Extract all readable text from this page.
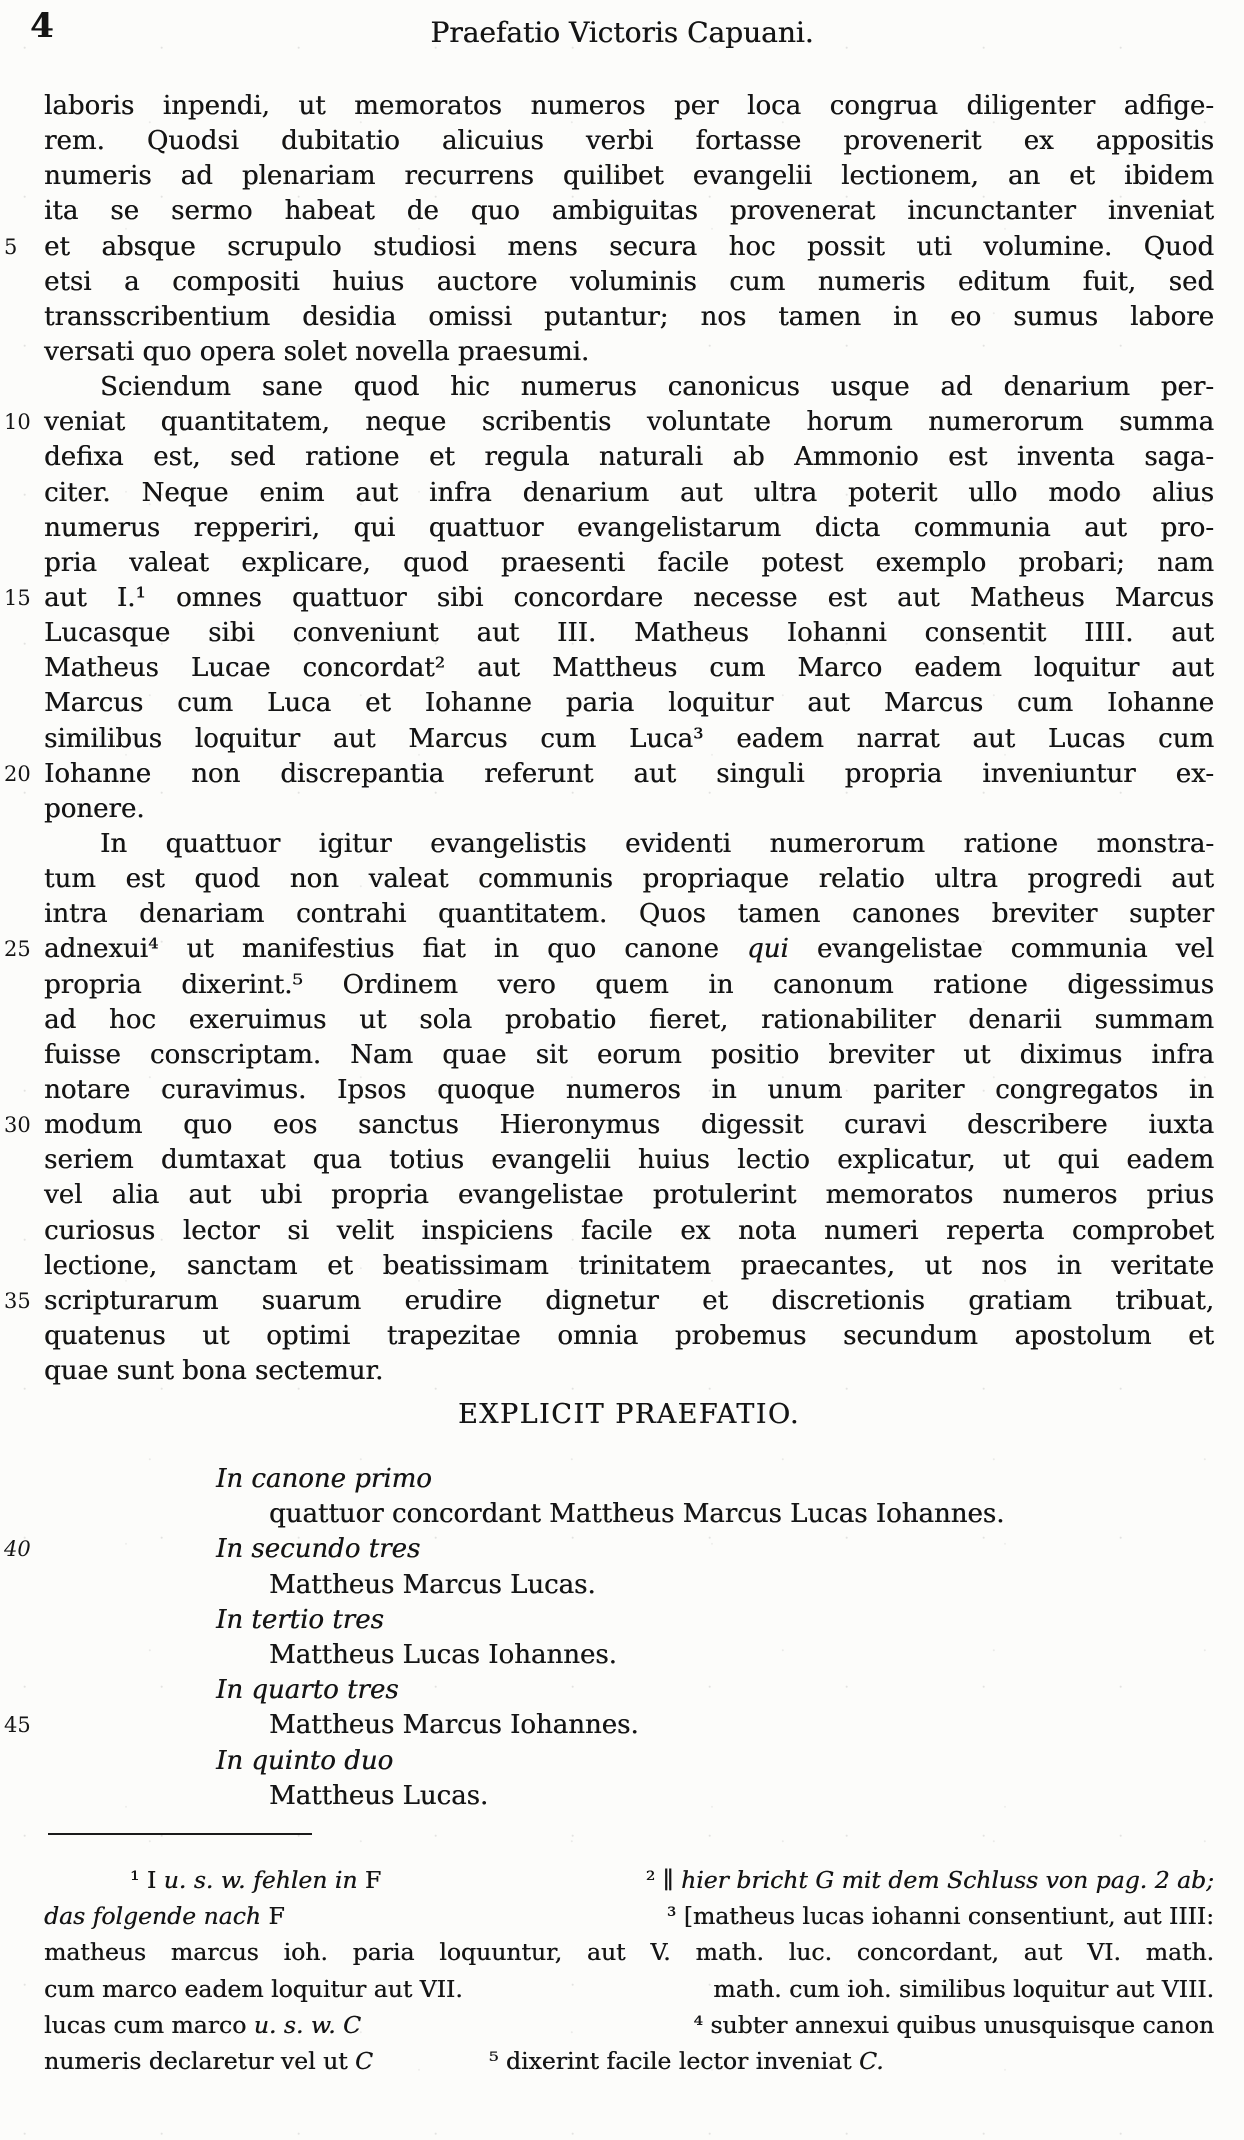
4	Praefatio Victoris Capuani.
laboris inpendi, ut memoratos numeros per loca congrua diligenter adfige-
rem. Quodsi dubitatio alicuius verbi fortasse provenerit ex appositis
numeris ad plenariam recurrens quilibet evangelii lectionem, an et ibidem
ita se sermo habeat de quo ambiguitas provenerat incunctanter inveniat
5	et absque scrupulo studiosi mens secura hoc possit uti volumine. Quod
etsi a compositi huius auctore voluminis cum numeris editum fuit, sed
transscribentium desidia omissi putantur; nos tamen in eo sumus labore
versati quo opera solet novella praesumi.
Sciendum sane quod hic numerus canonicus usque ad denarium per-
10 veniat quantitatem, neque scribentis voluntate horum numerorum summa
defixa est, sed ratione et regula naturali ab Ammonio est inventa saga-
citer. Neque enim aut infra denarium aut ultra poterit ullo modo alius
numerus repperiri, qui quattuor evangelistarum dicta communia aut pro-
pria valeat explicare, quod praesenti facile potest exemplo probari; nam
15 aut I.¹ omnes quattuor sibi concordare necesse est aut Matheus Marcus
Lucasque sibi conveniunt aut III. Matheus Iohanni consentit IIII. aut
Matheus Lucae concordat² aut Mattheus cum Marco eadem loquitur aut
Marcus cum Luca et Iohanne paria loquitur aut Marcus cum Iohanne
similibus loquitur aut Marcus cum Luca³ eadem narrat aut Lucas cum
20 Iohanne non discrepantia referunt aut singuli propria inveniuntur ex-
ponere.
In quattuor igitur evangelistis evidenti numerorum ratione monstra-
tum est quod non valeat communis propriaque relatio ultra progredi aut
intra denariam contrahi quantitatem. Quos tamen canones breviter supter
25 adnexui⁴ ut manifestius fiat in quo canone qui evangelistae communia vel
propria dixerint.⁵ Ordinem vero quem in canonum ratione digessimus
ad hoc exeruimus ut sola probatio fieret, rationabiliter denarii summam
fuisse conscriptam. Nam quae sit eorum positio breviter ut diximus infra
notare curavimus. Ipsos quoque numeros in unum pariter congregatos in
30 modum quo eos sanctus Hieronymus digessit curavi describere iuxta
seriem dumtaxat qua totius evangelii huius lectio explicatur, ut qui eadem
vel alia aut ubi propria evangelistae protulerint memoratos numeros prius
curiosus lector si velit inspiciens facile ex nota numeri reperta comprobet
lectione, sanctam et beatissimam trinitatem praecantes, ut nos in veritate
35 scripturarum suarum erudire dignetur et discretionis gratiam tribuat,
quatenus ut optimi trapezitae omnia probemus secundum apostolum et
quae sunt bona sectemur.
EXPLICIT PRAEFATIO.
In canone primo
quattuor concordant Mattheus Marcus Lucas Iohannes.
40	In secundo tres
Mattheus Marcus Lucas.
In tertio tres
Mattheus Lucas Iohannes.
In quarto tres
45	Mattheus Marcus Iohannes.
In quinto duo
Mattheus Lucas.
¹ I u. s. w. fehlen in F	² ∥ hier bricht G mit dem Schluss von pag. 2 ab;
das folgende nach F	³ [matheus lucas iohanni consentiunt, aut IIII:
matheus marcus ioh. paria loquuntur, aut V. math. luc. concordant, aut VI. math.
cum marco eadem loquitur aut VII.	math. cum ioh. similibus loquitur aut VIII.
lucas cum marco u. s. w. C	⁴ subter annexui quibus unusquisque canon
numeris declaretur vel ut C	⁵ dixerint facile lector inveniat C.
